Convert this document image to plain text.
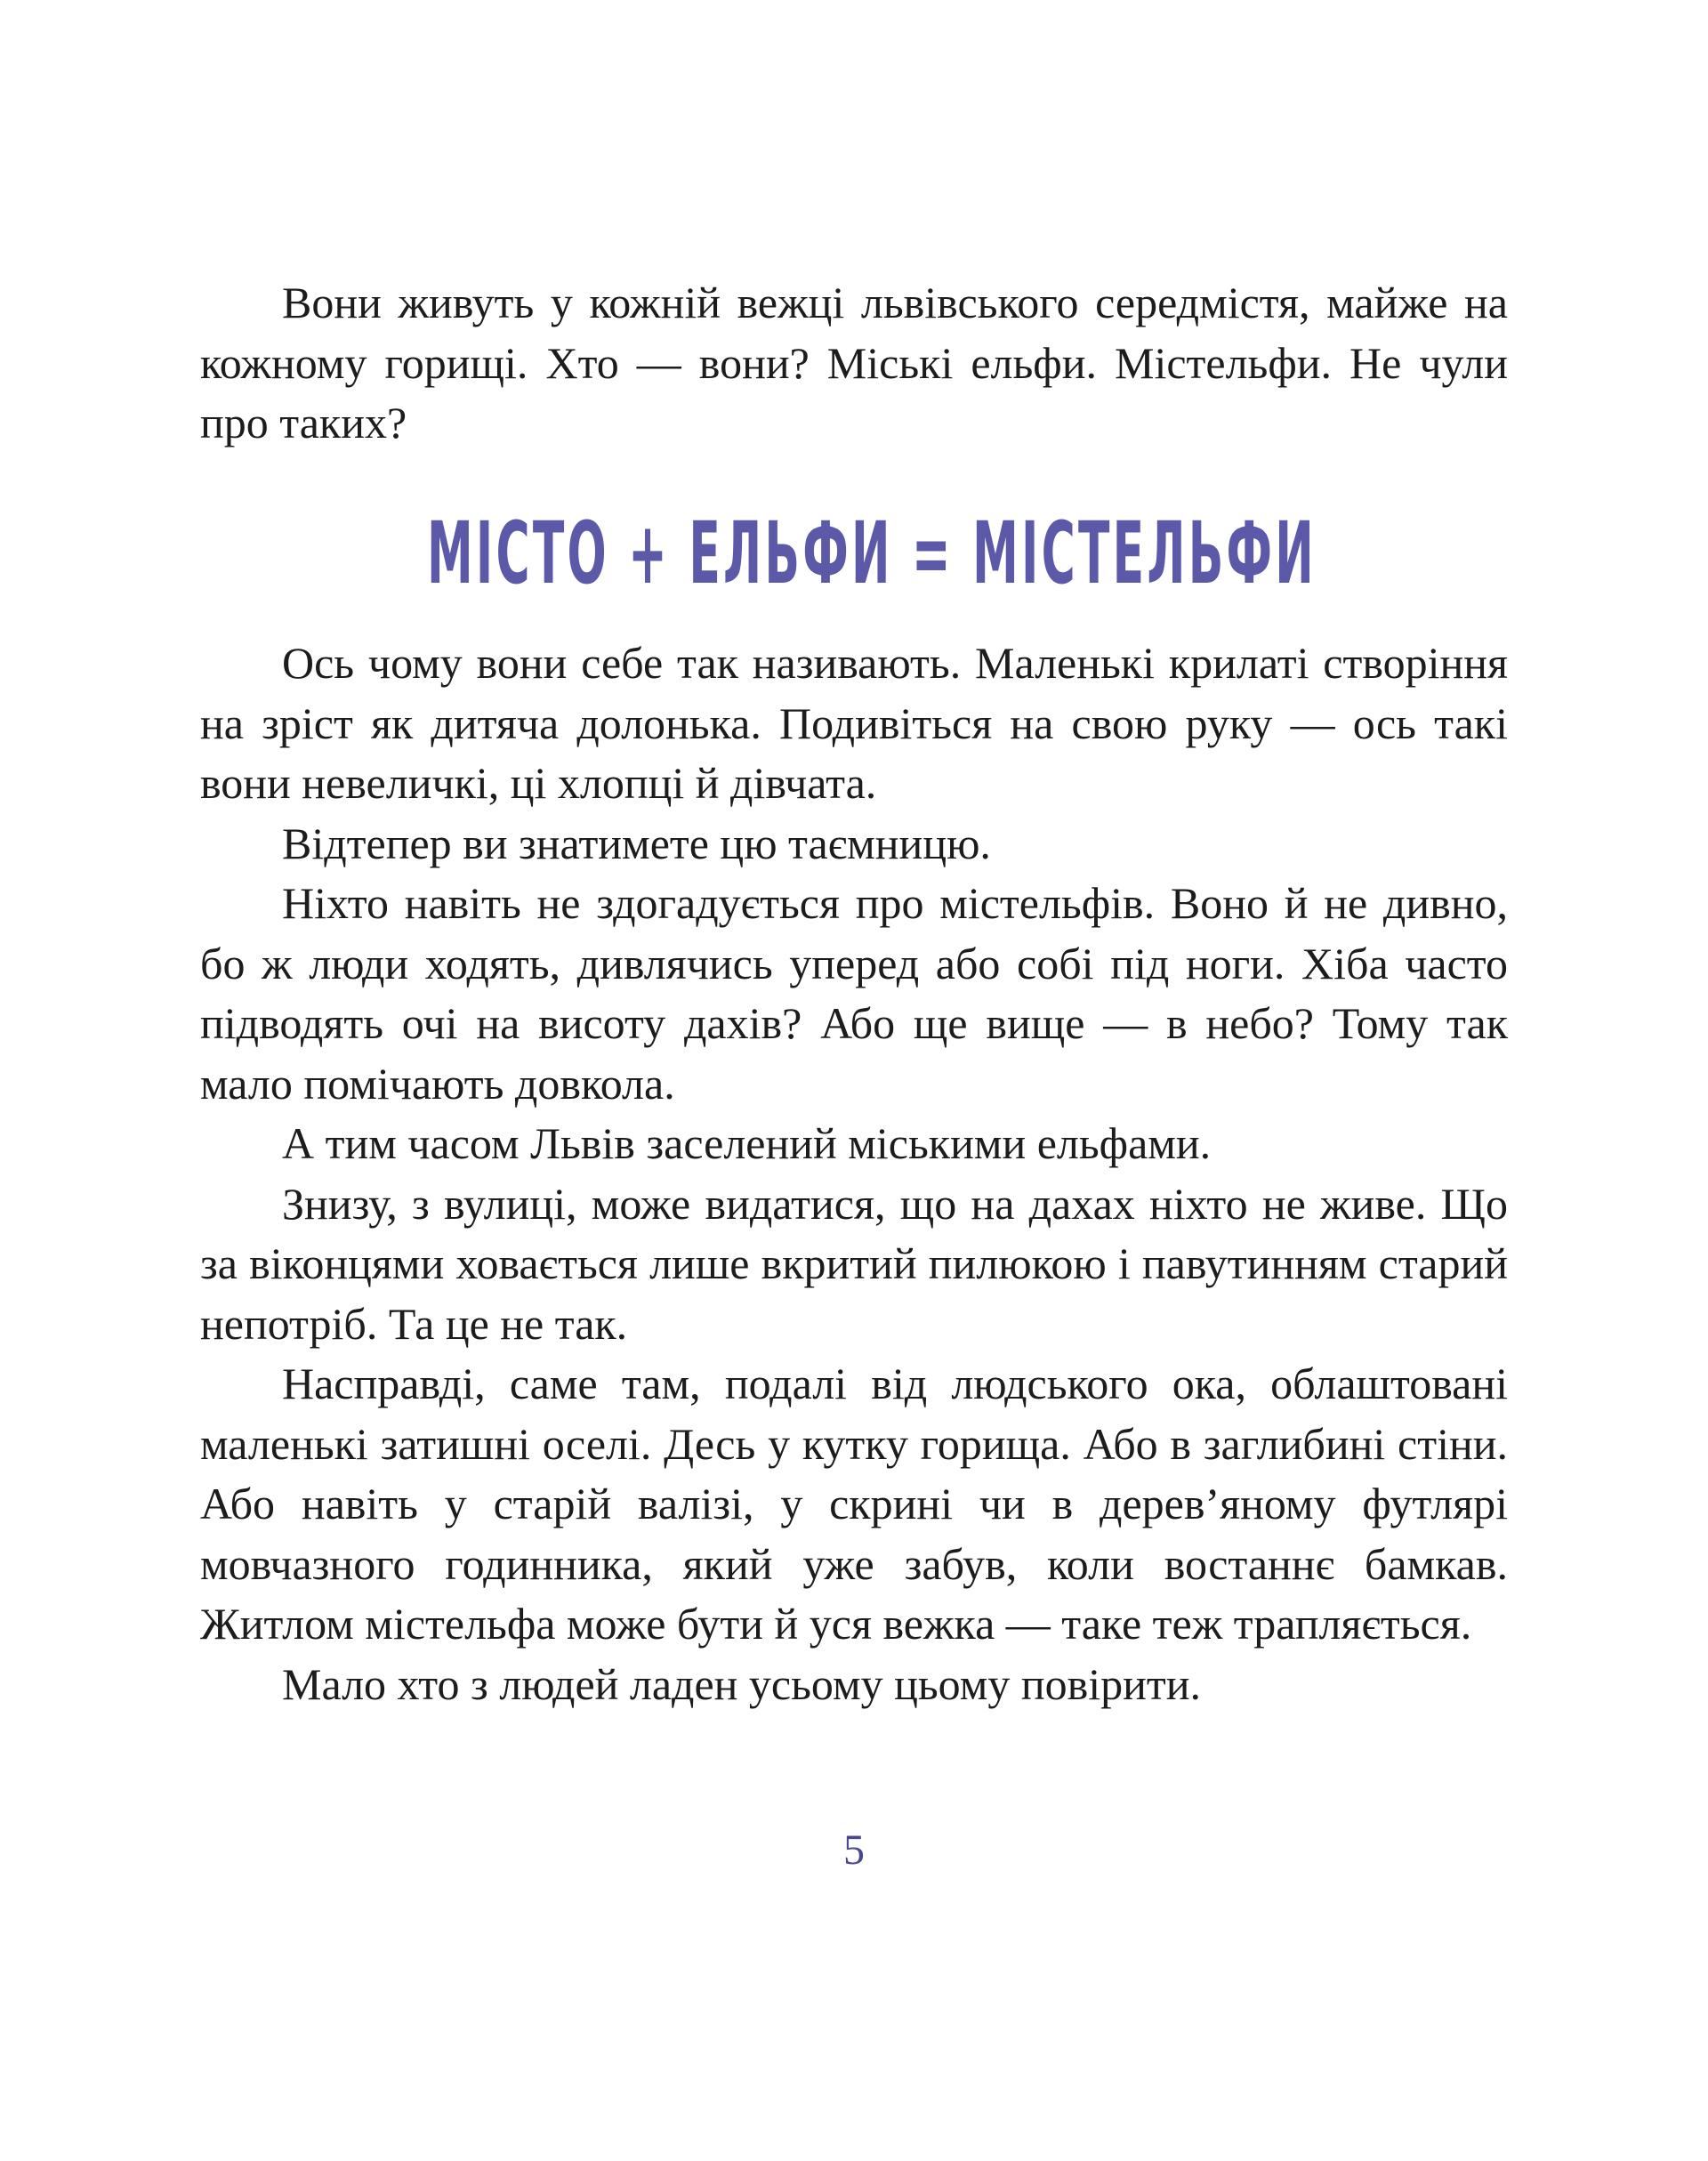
Вони живуть у кожній вежці львівського середмістя, майже на кожному горищі. Хто — вони? Міські ельфи. Містельфи. Не чули про таких?

МІСТО + ЕЛЬФИ = МІСТЕЛЬФИ

Ось чому вони себе так називають. Маленькі крилаті створіння на зріст як дитяча долонька. Подивіться на свою руку — ось такі вони невеличкі, ці хлопці й дівчата.

Відтепер ви знатимете цю таємницю.

Ніхто навіть не здогадується про містельфів. Воно й не дивно, бо ж люди ходять, дивлячись уперед або собі під ноги. Хіба часто підводять очі на висоту дахів? Або ще вище — в небо? Тому так мало помічають довкола.

А тим часом Львів заселений міськими ельфами.

Знизу, з вулиці, може видатися, що на дахах ніхто не живе. Що за віконцями ховається лише вкритий пилюкою і павутинням старий непотріб. Та це не так.

Насправді, саме там, подалі від людського ока, облаштовані маленькі затишні оселі. Десь у кутку горища. Або в заглибині стіни. Або навіть у старій валізі, у скрині чи в дерев’яному футлярі мовчазного годинника, який уже забув, коли востаннє бамкав. Житлом містельфа може бути й уся вежка — таке теж трапляється.

Мало хто з людей ладен усьому цьому повірити.

5
